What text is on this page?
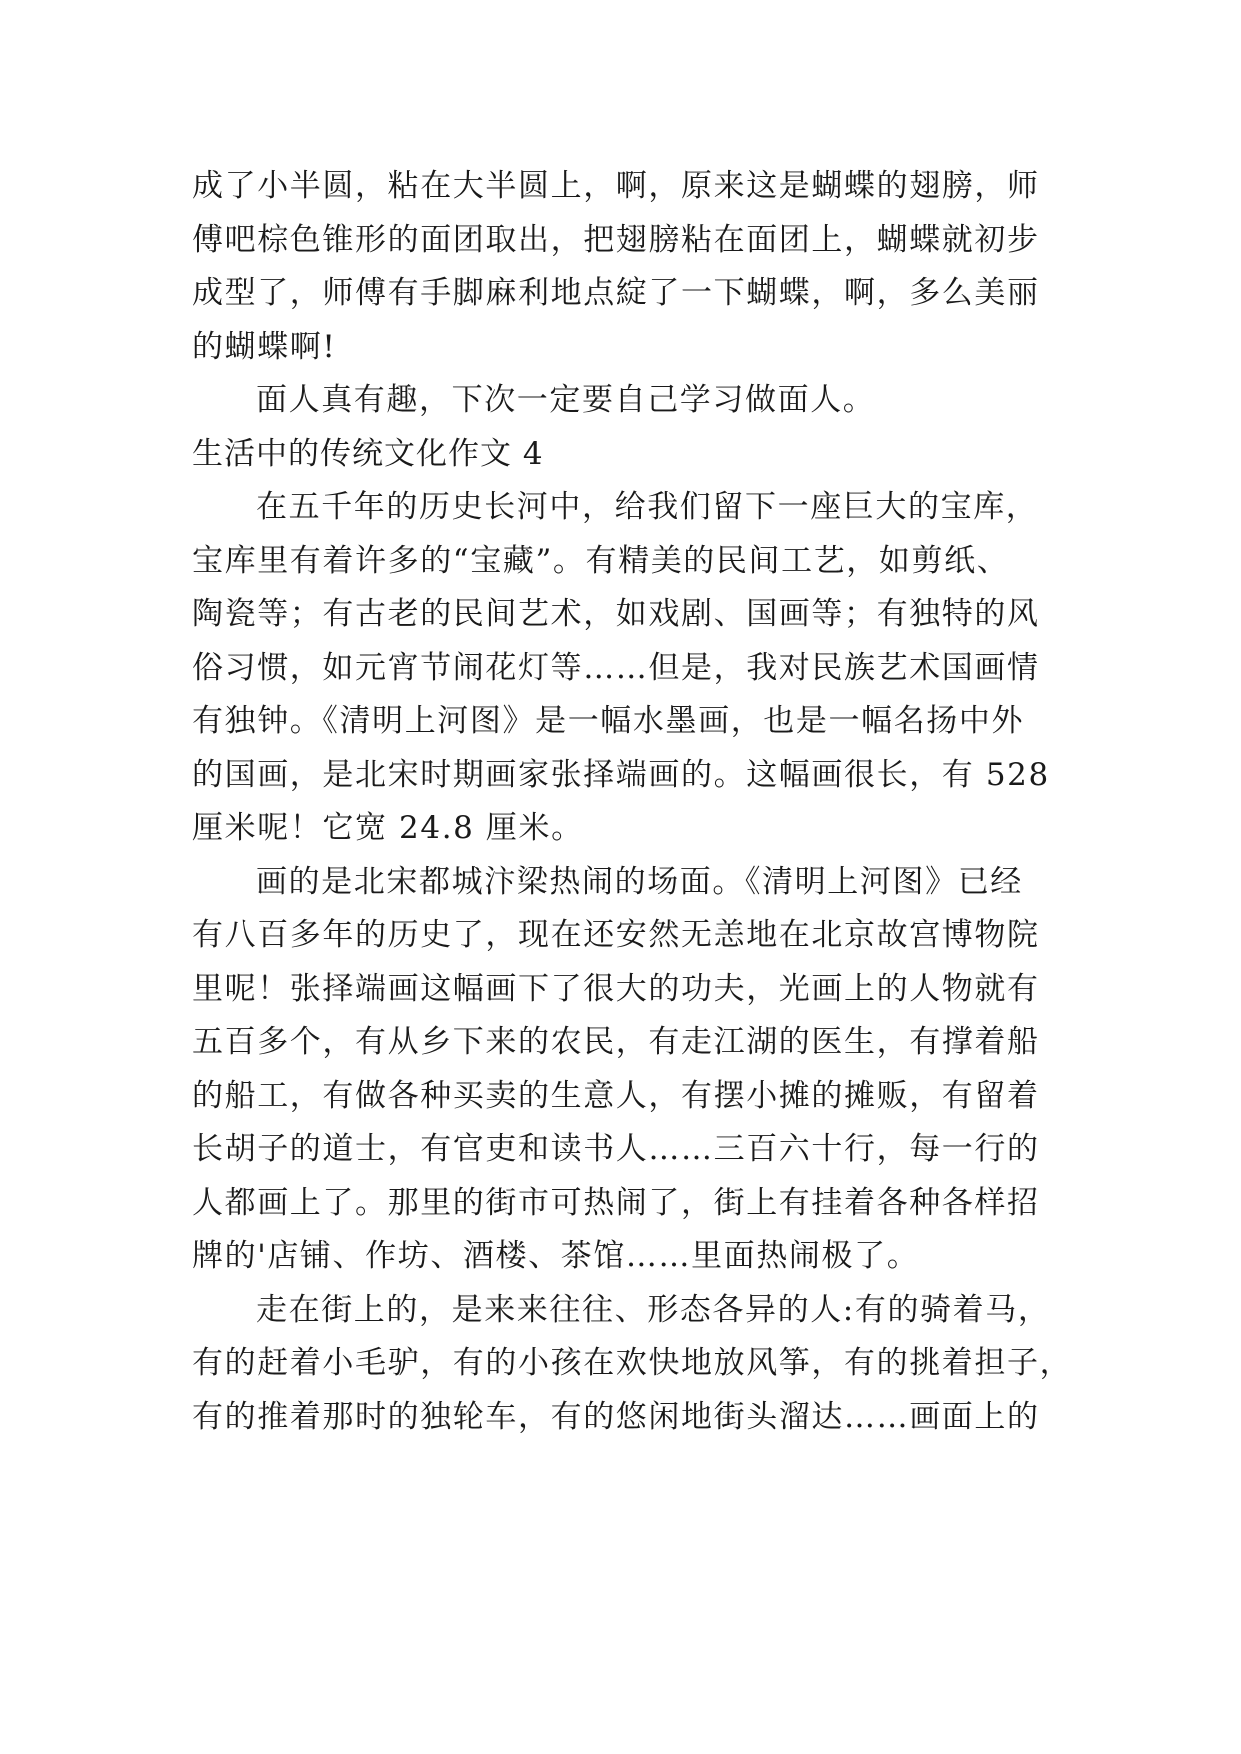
成了小半圆，粘在大半圆上，啊，原来这是蝴蝶的翅膀，师
傅吧棕色锥形的面团取出，把翅膀粘在面团上，蝴蝶就初步
成型了，师傅有手脚麻利地点綻了一下蝴蝶，啊，多么美丽
的蝴蝶啊!
面人真有趣，下次一定要自己学习做面人。
生活中的传统文化作文 4
在五千年的历史长河中，给我们留下一座巨大的宝库，
宝库里有着许多的“宝藏”。有精美的民间工艺，如剪纸、
陶瓷等；有古老的民间艺术，如戏剧、国画等；有独特的风
俗习惯，如元宵节闹花灯等……但是，我对民族艺术国画情
有独钟。《清明上河图》是一幅水墨画，也是一幅名扬中外
的国画，是北宋时期画家张择端画的。这幅画很长，有 528
厘米呢！它宽 24.8 厘米。
画的是北宋都城汴梁热闹的场面。《清明上河图》已经
有八百多年的历史了，现在还安然无恙地在北京故宫博物院
里呢！张择端画这幅画下了很大的功夫，光画上的人物就有
五百多个，有从乡下来的农民，有走江湖的医生，有撑着船
的船工，有做各种买卖的生意人，有摆小摊的摊贩，有留着
长胡子的道士，有官吏和读书人……三百六十行，每一行的
人都画上了。那里的街市可热闹了，街上有挂着各种各样招
牌的'店铺、作坊、酒楼、茶馆……里面热闹极了。
走在街上的，是来来往往、形态各异的人:有的骑着马，
有的赶着小毛驴，有的小孩在欢快地放风筝，有的挑着担子，
有的推着那时的独轮车，有的悠闲地街头溜达……画面上的
